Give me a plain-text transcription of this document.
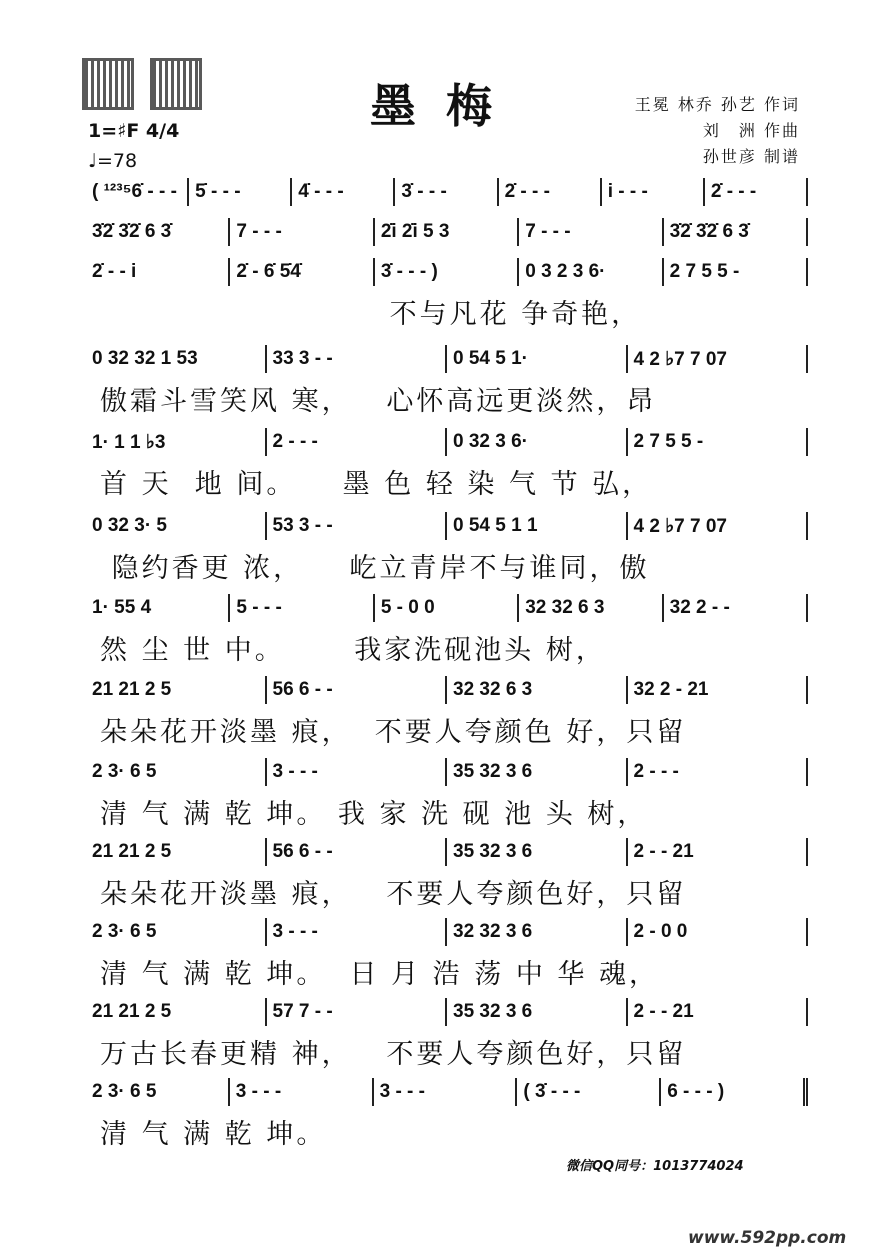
墨梅	王冕 林乔 孙艺 作词
刘　洲 作曲
孙世彦 制谱
1=♯F 4/4
♩=78
( ¹²³⁵6̇ - - - 5̇ - - -	4̇ - - -	3̇ - - -	2̇ - - -	i - - -	2̇ - - -
3̇2̇ 3̇2̇ 6 3̇	7 - - -	2̇i 2̇i 5 3	7 - - -	3̇2̇ 3̇2̇ 6 3̇
2̇ - - i	2̇ - 6̇ 5̇4̇	3̇ - - - )	0 3 2 3 6·	2 7 5 5 -
不与凡花 争奇艳，
0 32 32 1 53	33 3 - -	0 54 5 1·	4 2 ♭7 7 07
傲霜斗雪笑风 寒，   心怀高远更淡然，昂
1· 1 1 ♭3	2 - - -	0 32 3 6·	2 7 5 5 -
首 天  地 间。    墨 色 轻 染 气 节 弘，
0 32 3· 5	53 3 - -	0 54 5 1 1	4 2 ♭7 7 07
隐约香更 浓，    屹立青岸不与谁同，傲
1· 55 4	5 - - -	5 - 0 0	32 32 6 3	32 2 - -
然 尘 世 中。      我家洗砚池头 树，
21 21 2 5	56 6 - -	32 32 6 3	32 2 - 21
朵朵花开淡墨 痕，  不要人夸颜色 好，只留
2 3· 6 5	3 - - -	35 32 3 6	2 - - -
清 气 满 乾 坤。 我 家 洗 砚 池 头 树，
21 21 2 5	56 6 - -	35 32 3 6	2 - - 21
朵朵花开淡墨 痕，   不要人夸颜色好，只留
2 3· 6 5	3 - - -	32 32 3 6	2 - 0 0
清 气 满 乾 坤。  日 月 浩 荡 中 华 魂，
21 21 2 5	57 7 - -	35 32 3 6	2 - - 21
万古长春更精 神，   不要人夸颜色好，只留
2 3· 6 5	3 - - -	3 - - -	( 3̇ - - -	6 - - - )
清 气 满 乾 坤。
微信QQ同号：1013774024
www.592pp.com
